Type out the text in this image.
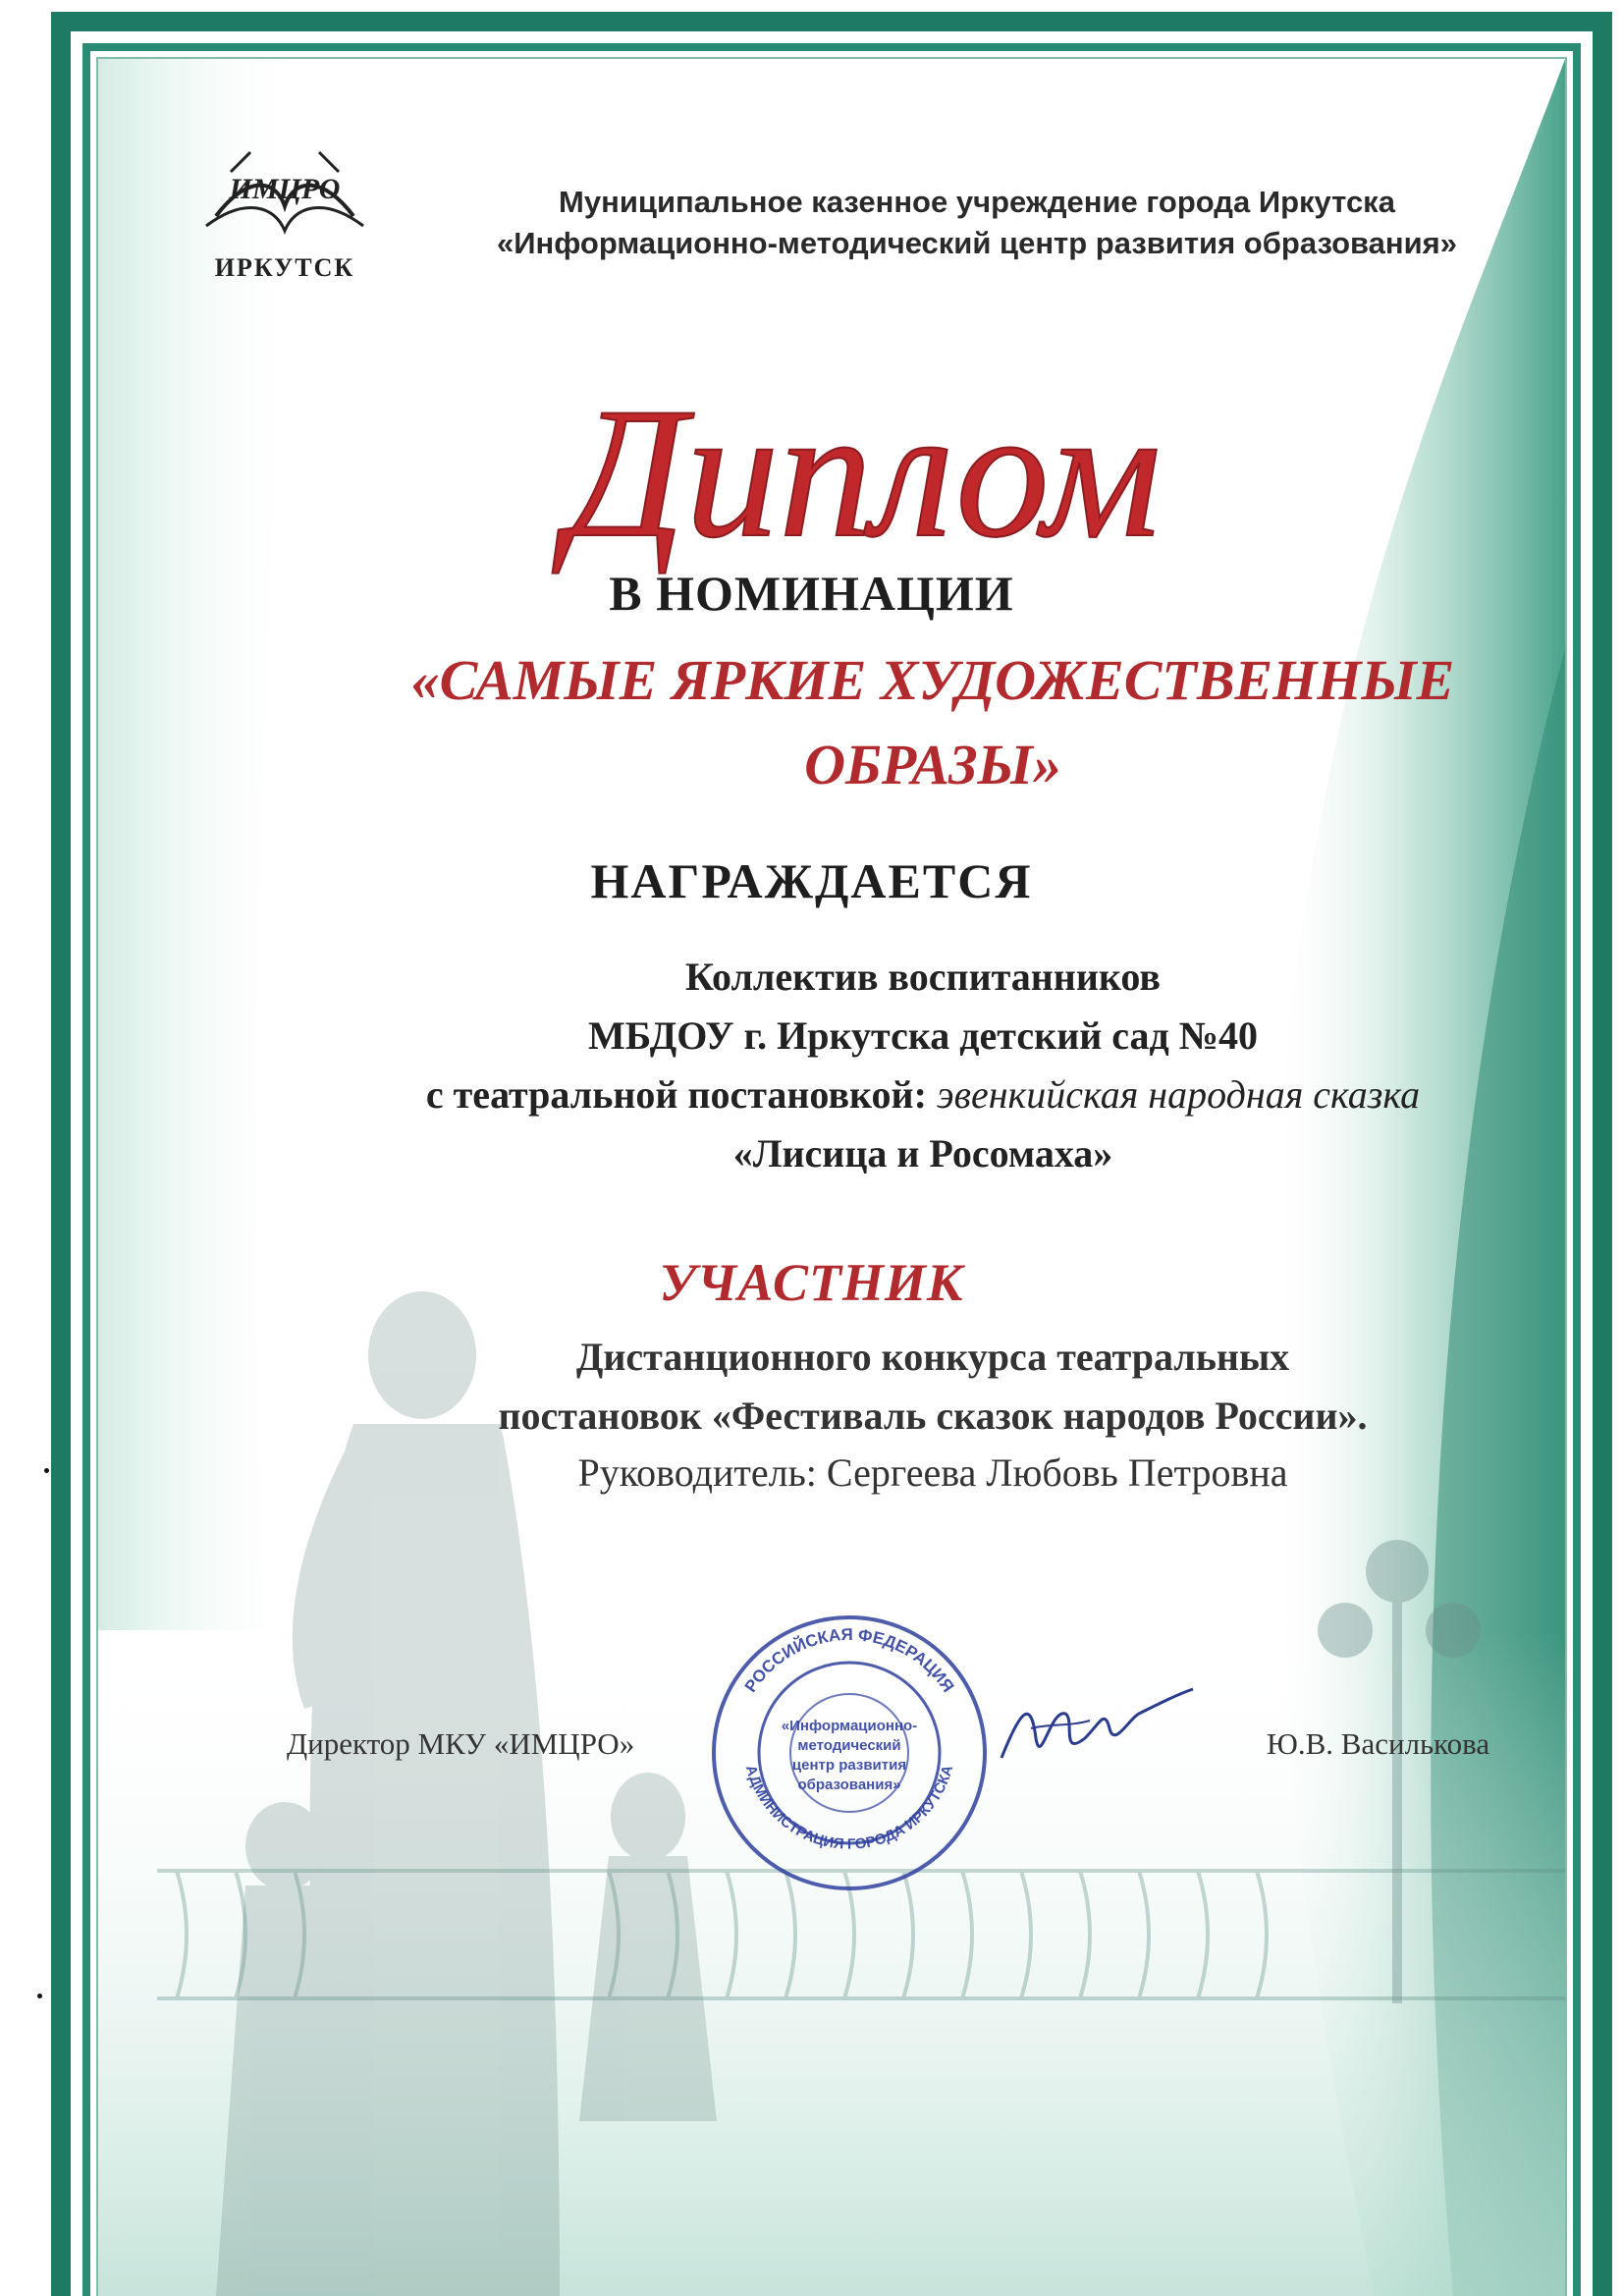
ИМЦРО
ИРКУТСК
Муниципальное казенное учреждение города Иркутска
«Информационно-методический центр развития образования»
Диплом
В НОМИНАЦИИ
«САМЫЕ ЯРКИЕ ХУДОЖЕСТВЕННЫЕ
ОБРАЗЫ»
НАГРАЖДАЕТСЯ
Коллектив воспитанников
МБДОУ г. Иркутска детский сад №40
с театральной постановкой: эвенкийская народная сказка
«Лисица и Росомаха»
УЧАСТНИК
Дистанционного конкурса театральных
постановок «Фестиваль сказок народов России».
Руководитель: Сергеева Любовь Петровна
Директор МКУ «ИМЦРО»	Ю.В. Василькова
РОССИЙСКАЯ ФЕДЕРАЦИЯ
АДМИНИСТРАЦИЯ ГОРОДА ИРКУТСКА
«Информационно-
методический
центр развития
образования»
